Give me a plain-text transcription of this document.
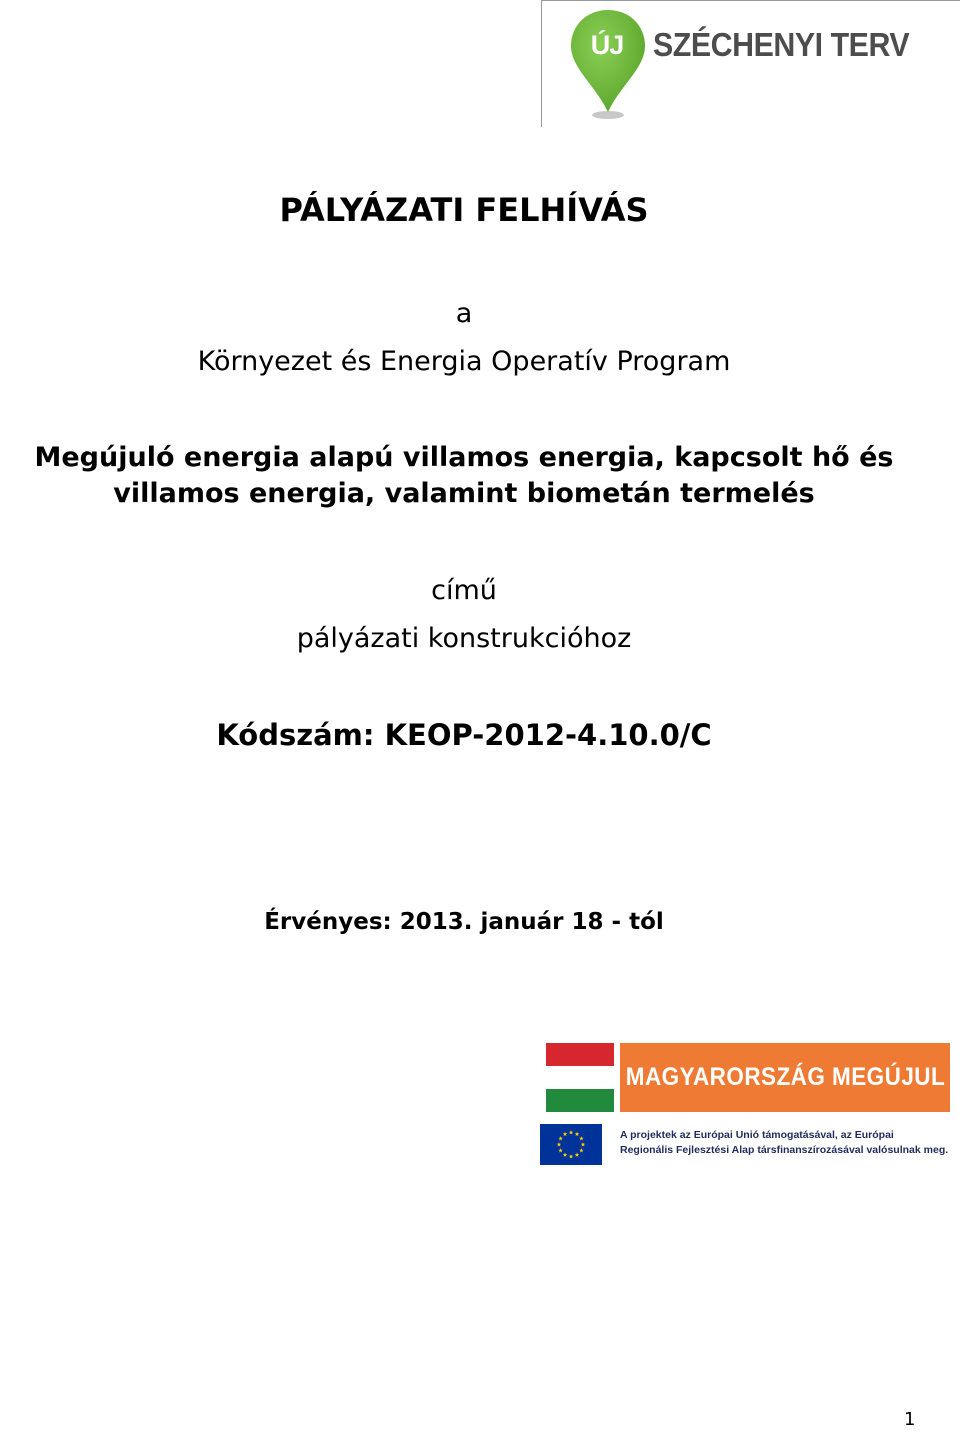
ÚJ SZÉCHENYI TERV
PÁLYÁZATI FELHÍVÁS
a
Környezet és Energia Operatív Program
Megújuló energia alapú villamos energia, kapcsolt hő és
villamos energia, valamint biometán termelés
című
pályázati konstrukcióhoz
Kódszám: KEOP-2012-4.10.0/C
Érvényes: 2013. január 18 - tól
MAGYARORSZÁG MEGÚJUL
A projektek az Európai Unió támogatásával, az Európai
Regionális Fejlesztési Alap társfinanszírozásával valósulnak meg.
1
